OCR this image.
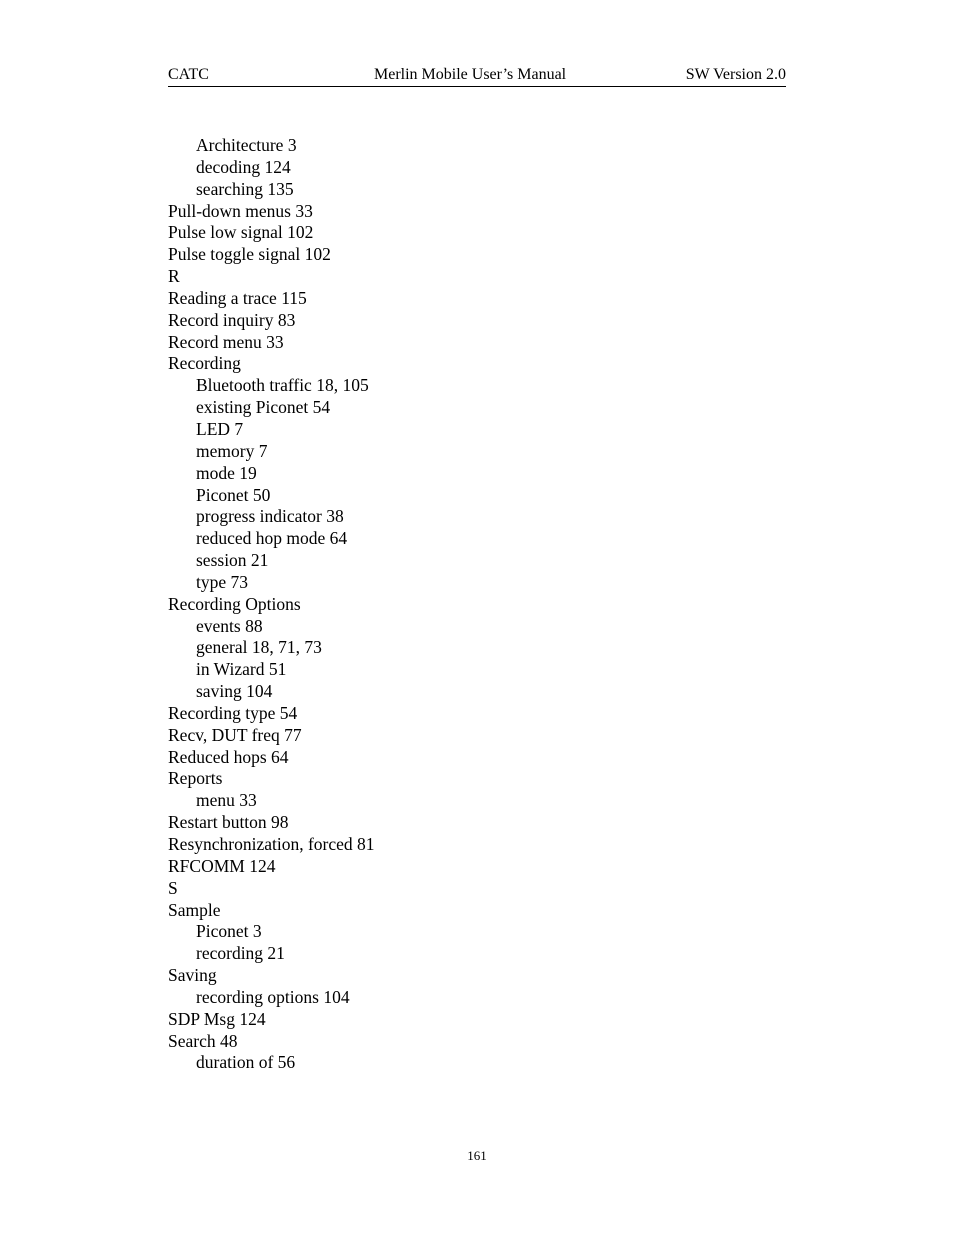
CATC	Merlin Mobile User’s Manual	SW Version 2.0
Architecture 3
decoding 124
searching 135
Pull-down menus 33
Pulse low signal 102
Pulse toggle signal 102
R
Reading a trace 115
Record inquiry 83
Record menu 33
Recording
Bluetooth traffic 18, 105
existing Piconet 54
LED 7
memory 7
mode 19
Piconet 50
progress indicator 38
reduced hop mode 64
session 21
type 73
Recording Options
events 88
general 18, 71, 73
in Wizard 51
saving 104
Recording type 54
Recv, DUT freq 77
Reduced hops 64
Reports
menu 33
Restart button 98
Resynchronization, forced 81
RFCOMM 124
S
Sample
Piconet 3
recording 21
Saving
recording options 104
SDP Msg 124
Search 48
duration of 56
161
